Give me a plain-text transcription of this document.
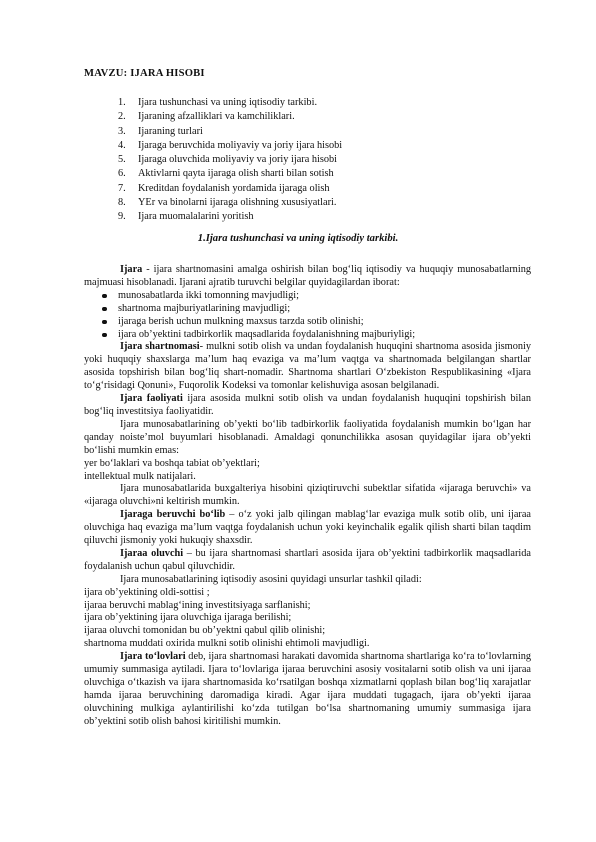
MAVZU: IJARA HISOBI
1. Ijara tushunchasi va uning iqtisodiy tarkibi.
2. Ijaraning afzalliklari va kamchiliklari.
3. Ijaraning turlari
4. Ijaraga beruvchida moliyaviy va joriy ijara hisobi
5. Ijaraga oluvchida moliyaviy va joriy ijara hisobi
6. Aktivlarni qayta ijaraga olish sharti bilan sotish
7. Kreditdan foydalanish yordamida ijaraga olish
8. YEr va binolarni ijaraga olishning xususiyatlari.
9. Ijara muomalalarini yoritish
1.Ijara tushunchasi va uning iqtisodiy tarkibi.

Ijara - ijara shartnomasini amalga oshirish bilan bog‘liq iqtisodiy va huquqiy munosabatlarning majmuasi hisoblanadi. Ijarani ajratib turuvchi belgilar quyidagilardan iborat:

munosabatlarda ikki tomonning mavjudligi;
shartnoma majburiyatlarining mavjudligi;
ijaraga berish uchun mulkning maxsus tarzda sotib olinishi;
ijara ob’yektini tadbirkorlik maqsadlarida foydalanishning majburiyligi;

Ijara shartnomasi- mulkni sotib olish va undan foydalanish huquqini shartnoma asosida jismoniy yoki huquqiy shaxslarga ma’lum haq evaziga va ma’lum vaqtga va shartnomada belgilangan shartlar asosida topshirish bilan bog‘liq shart-nomadir. Shartnoma shartlari O‘zbekiston Respublikasining «Ijara to‘g‘risidagi Qonuni», Fuqorolik Kodeksi va tomonlar kelishuviga asosan belgilanadi.

Ijara faoliyati ijara asosida mulkni sotib olish va undan foydalanish huquqini topshirish bilan bog‘liq investitsiya faoliyatidir.

Ijara munosabatlarining ob’yekti bo‘lib tadbirkorlik faoliyatida foydalanish mumkin bo‘lgan har qanday noiste’mol buyumlari hisoblanadi. Amaldagi qonunchilikka asosan quyidagilar ijara ob’yekti bo‘lishi mumkin emas:

yer bo‘laklari va boshqa tabiat ob’yektlari;

intellektual mulk natijalari.

Ijara munosabatlarida buxgalteriya hisobini qiziqtiruvchi subektlar sifatida «ijaraga beruvchi» va «ijaraga oluvchi»ni keltirish mumkin.

Ijaraga beruvchi bo‘lib – o‘z yoki jalb qilingan mablag‘lar evaziga mulk sotib olib, uni ijaraa oluvchiga haq evaziga ma’lum vaqtga foydalanish uchun yoki keyinchalik egalik qilish sharti bilan taqdim qiluvchi jismoniy yoki hukuqiy shaxsdir.

Ijaraa oluvchi – bu ijara shartnomasi shartlari asosida ijara ob’yektini tadbirkorlik maqsadlarida foydalanish uchun qabul qiluvchidir.

Ijara munosabatlarining iqtisodiy asosini quyidagi unsurlar tashkil qiladi:

ijara ob’yektining oldi-sottisi ;

ijaraa beruvchi mablag‘ining investitsiyaga sarflanishi;

ijara ob’yektining ijara oluvchiga ijaraga berilishi;

ijaraa oluvchi tomonidan bu ob’yektni qabul qilib olinishi;

shartnoma muddati oxirida mulkni sotib olinishi ehtimoli mavjudligi.

Ijara to‘lovlari deb, ijara shartnomasi harakati davomida shartnoma shartlariga ko‘ra to‘lovlarning umumiy summasiga aytiladi. Ijara to‘lovlariga ijaraa beruvchini asosiy vositalarni sotib olish va uni ijaraa oluvchiga o‘tkazish va ijara shartnomasida ko‘rsatilgan boshqa xizmatlarni qoplash bilan bog‘liq xarajatlar hamda ijaraa beruvchining daromadiga kiradi. Agar ijara muddati tugagach, ijara ob’yekti ijaraa oluvchining mulkiga aylantirilishi ko‘zda tutilgan bo‘lsa shartnomaning umumiy summasiga ijara ob’yektini sotib olish bahosi kiritilishi mumkin.
